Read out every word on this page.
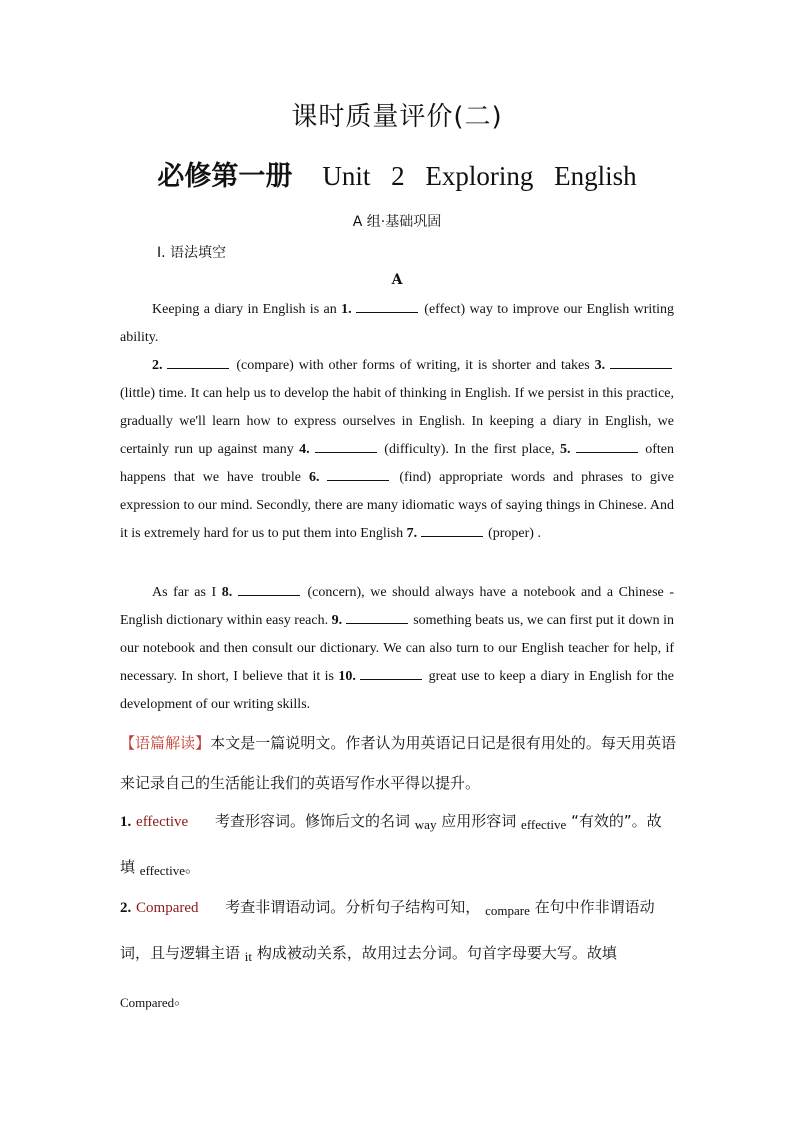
课时质量评价(二)
必修第一册 Unit 2 Exploring English
A 组·基础巩固
Ⅰ. 语法填空
A
Keeping a diary in English is an 1.	(effect) way to improve our English writing ability.
2.	(compare) with other forms of writing, it is shorter and takes 3.  (little) time. It can help us to develop the habit of thinking in English. If we persist in this practice, gradually we'll learn how to express ourselves in English. In keeping a diary in English, we certainly run up against many 4.	(difficulty). In the first place, 5.	often happens that we have trouble 6.	(find) appropriate words and phrases to give expression to our mind. Secondly, there are many idiomatic ways of saying things in Chinese. And it is extremely hard for us to put them into English 7.	(proper) .
As far as I 8.	(concern), we should always have a notebook and a Chinese - English dictionary within easy reach. 9.	something beats us, we can first put it down in our notebook and then consult our dictionary. We can also turn to our English teacher for help, if necessary. In short, I believe that it is 10.	great use to keep a diary in English for the development of our writing skills.
【语篇解读】本文是一篇说明文。作者认为用英语记日记是很有用处的。每天用英语来记录自己的生活能让我们的英语写作水平得以提升。
1. effective 考查形容词。修饰后文的名词 way 应用形容词 effective “有效的”。故填 effective。
2. Compared 考查非谓语动词。分析句子结构可知， compare 在句中作非谓语动词，且与逻辑主语 it 构成被动关系，故用过去分词。句首字母要大写。故填 Compared。
